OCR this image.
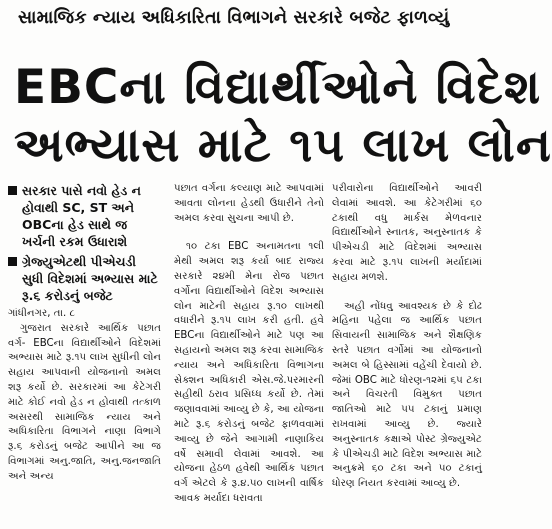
સામાજિક ન્યાય અધિકારિતા વિભાગને સરકારે બજેટ ફાળવ્યું
EBCના વિદ્યાર્થીઓને વિદેશ
અભ્યાસ માટે ૧૫ લાખ લોન
સરકાર પાસે નવો હેડ ન હોવાથી SC, ST અને OBCના હેડ સાથે જ ખર્ચની રકમ ઉધારાશે
ગ્રેજ્યુએટથી પીએચડી સુધી વિદેશમાં અભ્યાસ માટે રૂ.૬ કરોડનું બજેટ

ગાંધીનગર, તા. ૮

ગુજરાત સરકારે આર્થિક પછાત વર્ગ- EBCના વિદ્યાર્થીઓને વિદેશમાં અભ્યાસ માટે રૂ.૧૫ લાખ સુધીની લોન સહાય આપવાની યોજનાનો અમલ શરૂ કર્યો છે. સરકારમાં આ કેટેગરી માટે કોઈ નવો હેડ ન હોવાથી તત્કાળ અસરથી સામાજિક ન્યાય અને અધિકારિતા વિભાગને નાણા વિભાગે રૂ.૬ કરોડનું બજેટ આપીને આ જ વિભાગમાં અનુ.જાતિ, અનુ.જનજાતિ અને અન્ય

પછાત વર્ગના કલ્યાણ માટે આપવામાં આવતા લોનના હેડથી ઉધારીને તેનો અમલ કરવા સુચના આપી છે.

૧૦ ટકા EBC અનામતના ૧લી મેથી અમલ શરૂ કર્યા બાદ રાજ્ય સરકારે ૨૪મી મેના રોજ પછાત વર્ગોના વિદ્યાર્થીઓને વિદેશ અભ્યાસ લોન માટેની સહાય રૂ.૧૦ લાખથી વધારીને રૂ.૧૫ લાખ કરી હતી. હવે EBCના વિદ્યાર્થીઓને માટે પણ આ સહાયનો અમલ શરૂ કરવા સામાજિક ન્યાય અને અધિકારિતા વિભાગના સેક્શન અધિકારી એસ.જે.પરમારની સહીથી ઠરાવ પ્રસિધ્ધ કર્યો છે. તેમાં જણાવવામાં આવ્યુ છે કે, આ યોજના માટે રૂ.૬ કરોડનું બજેટ ફાળવવામાં આવ્યુ છે જેને આગામી નાણાકિય વર્ષે સમાવી લેવામાં આવશે. આ યોજના હેઠળ હવેથી આર્થિક પછાત વર્ગ એટલે કે રૂ.૪.૫૦ લાખની વાર્ષિક આવક મર્યાદા ધરાવતા

પરીવારોના વિદ્યાર્થીઓને આવરી લેવામાં આવશે. આ કેટેગરીમાં ૬૦ ટકાથી વધુ માર્કસ મેળવનાર વિદ્યાર્થીઓને સ્નાતક, અનુસ્નાતક કે પીએચડી માટે વિદેશમાં અભ્યાસ કરવા માટે રૂ.૧૫ લાખની મર્યાદામાં સહાય મળશે.

અહી નોંધવુ આવશ્યક છે કે દોઢ મહિના પહેલા જ આર્થિક પછાત સિવાયની સામાજિક અને શૈક્ષણિક સ્તરે પછાત વર્ગોમાં આ યોજનાનો અમલ બે હિસ્સામાં વહેંચી દેવાયો છે. જેમાં OBC માટે ધોરણ-૧૨માં ૬૫ ટકા અને વિચરતી વિમુક્ત પછાત જાતિઓ માટે ૫૫ ટકાનું પ્રમાણ રાખવામાં આવ્યુ છે. જ્યારે અનુસ્નાતક કક્ષાએ પોસ્ટ ગ્રેજ્યુએટ કે પીએચડી માટે વિદેશ અભ્યાસ માટે અનુક્રમે ૬૦ ટકા અને ૫૦ ટકાનું ધોરણ નિયત કરવામાં આવ્યુ છે.
